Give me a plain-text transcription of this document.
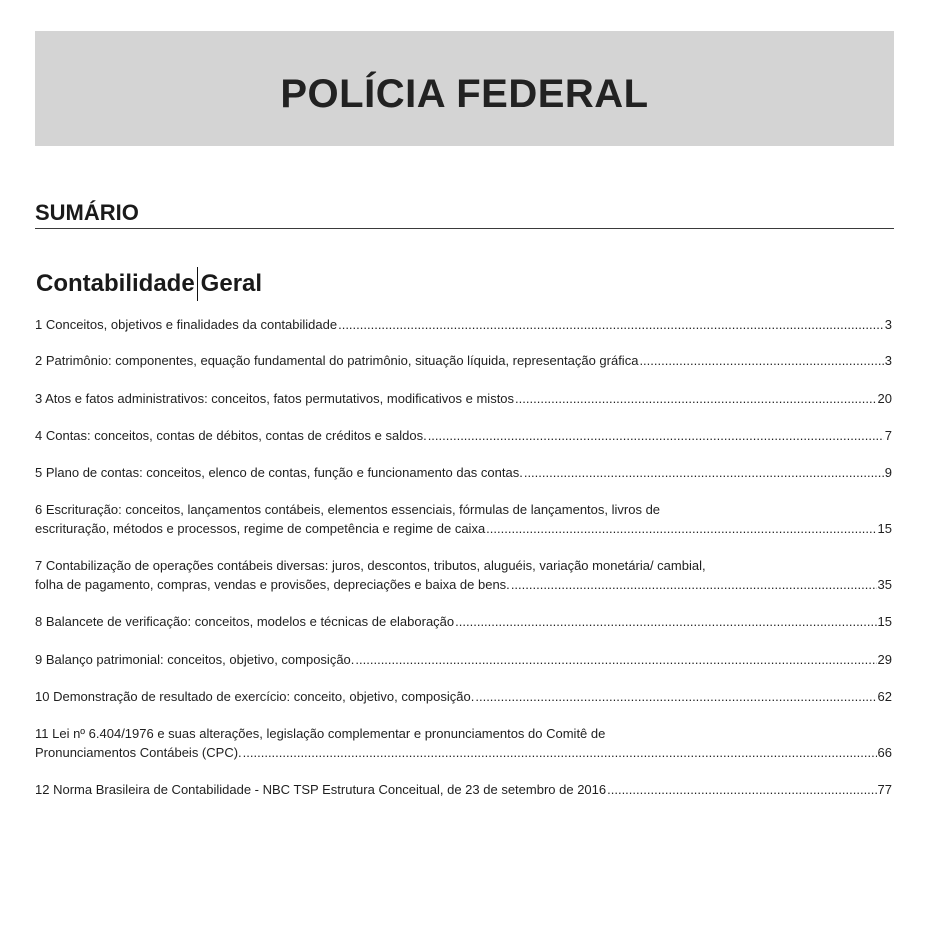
POLÍCIA FEDERAL
SUMÁRIO
Contabilidade Geral
1 Conceitos, objetivos e finalidades da contabilidade .....	3
2 Patrimônio: componentes, equação fundamental do patrimônio, situação líquida, representação gráfica .....	3
3 Atos e fatos administrativos: conceitos, fatos permutativos, modificativos e mistos .....	20
4 Contas: conceitos, contas de débitos, contas de créditos e saldos. .....	7
5 Plano de contas: conceitos, elenco de contas, função e funcionamento das contas. .....	9
6 Escrituração: conceitos, lançamentos contábeis, elementos essenciais, fórmulas de lançamentos, livros de
escrituração, métodos e processos, regime de competência e regime de caixa .....	15
7 Contabilização de operações contábeis diversas: juros, descontos, tributos, aluguéis, variação monetária/ cambial,
folha de pagamento, compras, vendas e provisões, depreciações e baixa de bens. .....	35
8 Balancete de verificação: conceitos, modelos e técnicas de elaboração .....	15
9 Balanço patrimonial: conceitos, objetivo, composição. .....	29
10 Demonstração de resultado de exercício: conceito, objetivo, composição. .....	62
11 Lei nº 6.404/1976 e suas alterações, legislação complementar e pronunciamentos do Comitê de
Pronunciamentos Contábeis (CPC). .....	66
12 Norma Brasileira de Contabilidade - NBC TSP Estrutura Conceitual, de 23 de setembro de 2016 .....	77
